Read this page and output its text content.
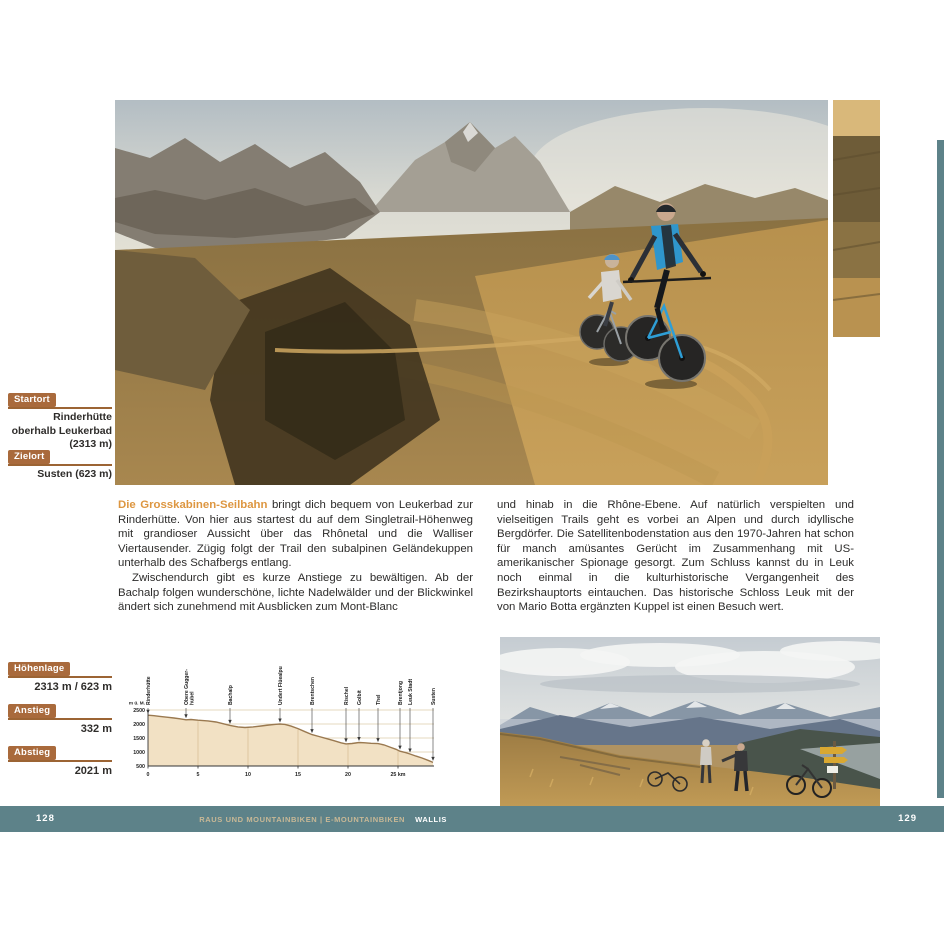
Startort
Rinderhütte oberhalb Leukerbad (2313 m)
Zielort
Susten (623 m)

Die Grosskabinen-Seilbahn bringt dich bequem von Leukerbad zur Rinderhütte. Von hier aus startest du auf dem Singletrail-Höhenweg mit grandioser Aussicht über das Rhônetal und die Walliser Viertausender. Zügig folgt der Trail den subalpinen Geländekuppen unterhalb des Schafbergs entlang.

Zwischendurch gibt es kurze Anstiege zu bewältigen. Ab der Bachalp folgen wunderschöne, lichte Nadelwälder und der Blickwinkel ändert sich zunehmend mit Ausblicken zum Mont-Blanc

und hinab in die Rhône-Ebene. Auf natürlich verspielten und vielseitigen Trails geht es vorbei an Alpen und durch idyllische Bergdörfer. Die Satellitenbodenstation aus den 1970-Jahren hat schon für manch amüsantes Gerücht im Zusammenhang mit US-amerikanischer Spionage gesorgt. Zum Schluss kannst du in Leuk noch einmal in die kulturhistorische Vergangenheit des Bezirkshauptorts eintauchen. Das historische Schloss Leuk mit der von Mario Botta ergänzten Kuppel ist einen Besuch wert.

Höhenlage
2313 m / 623 m
Anstieg
332 m
Abstieg
2021 m	500
1000
1500
2000
2500
m ü. M.
0	5	10	15	20	25 km
Rinderhütte	Obere Gugger- hubel	Bachalp	Undert Flüealpu	Brentschen	Rischel Golbit	Thel	Brentjong Leuk Stadt	Susten
128	RAUS UND MOUNTAINBIKEN | E-MOUNTAINBIKEN WALLIS	129
